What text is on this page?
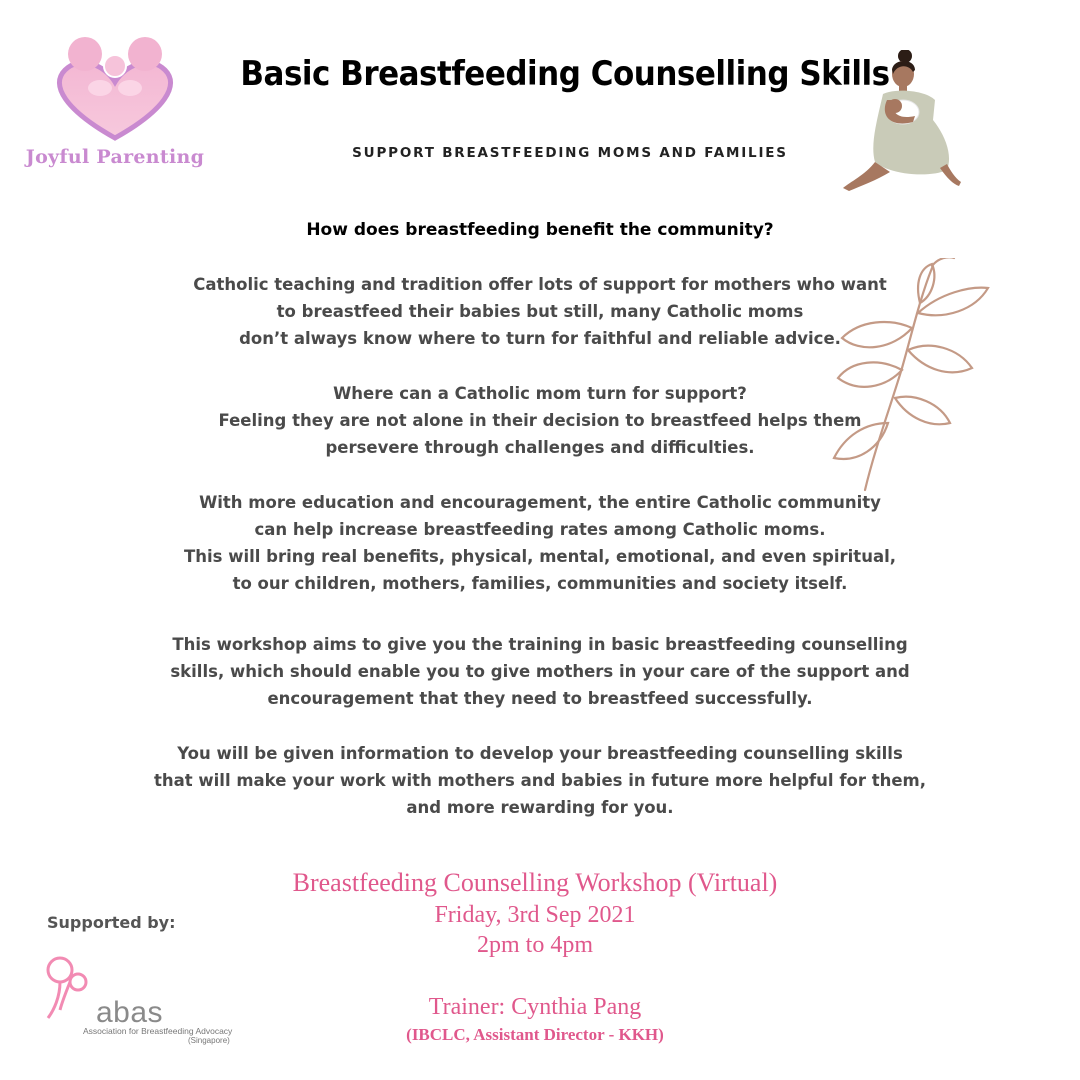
Joyful Parenting
Basic Breastfeeding Counselling Skills
SUPPORT BREASTFEEDING MOMS AND FAMILIES
How does breastfeeding benefit the community?
Catholic teaching and tradition offer lots of support for mothers who want
to breastfeed their babies but still, many Catholic moms
don’t always know where to turn for faithful and reliable advice.
Where can a Catholic mom turn for support?
Feeling they are not alone in their decision to breastfeed helps them
persevere through challenges and difficulties.
With more education and encouragement, the entire Catholic community
can help increase breastfeeding rates among Catholic moms.
This will bring real benefits, physical, mental, emotional, and even spiritual,
to our children, mothers, families, communities and society itself.
This workshop aims to give you the training in basic breastfeeding counselling
skills, which should enable you to give mothers in your care of the support and
encouragement that they need to breastfeed successfully.
You will be given information to develop your breastfeeding counselling skills
that will make your work with mothers and babies in future more helpful for them,
and more rewarding for you.
Breastfeeding Counselling Workshop (Virtual)
Friday, 3rd Sep 2021
2pm to 4pm
Trainer: Cynthia Pang
(IBCLC, Assistant Director - KKH)
Supported by:
abas
Association for Breastfeeding Advocacy
(Singapore)
